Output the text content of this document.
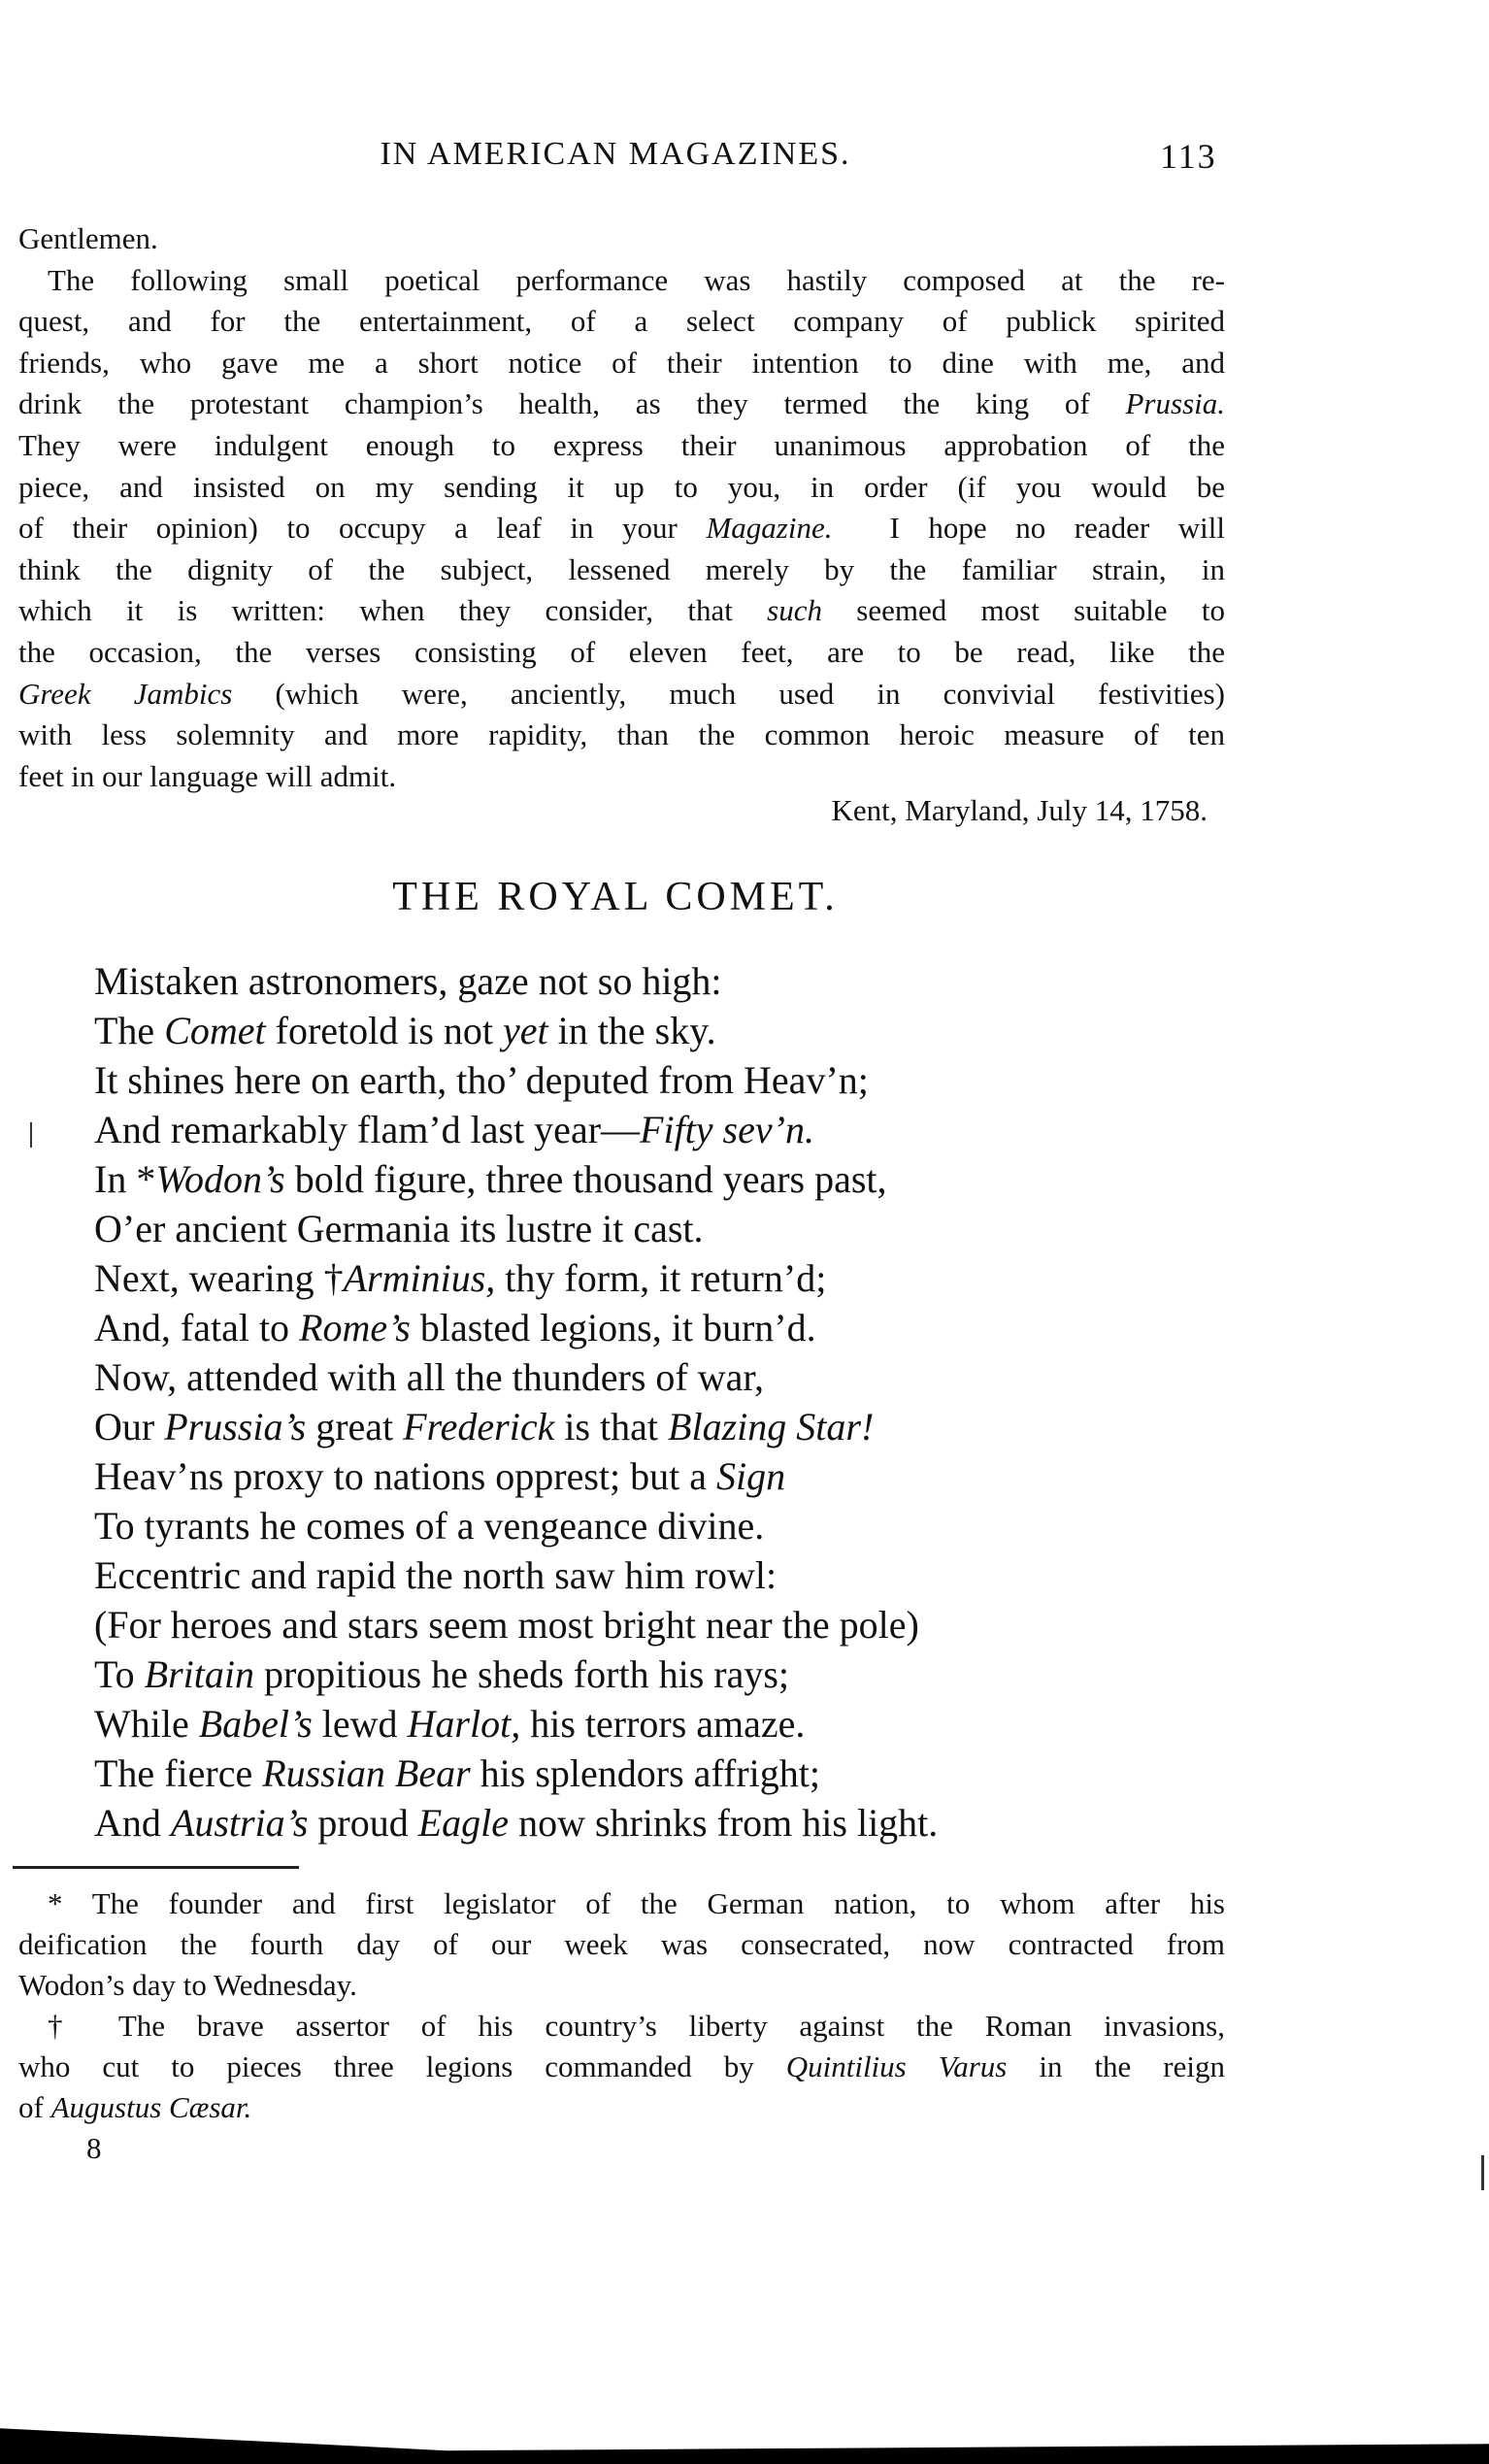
IN AMERICAN MAGAZINES.	113
Gentlemen.
The following small poetical performance was hastily composed at the re-
quest, and for the entertainment, of a select company of publick spirited
friends, who gave me a short notice of their intention to dine with me, and
drink the protestant champion’s health, as they termed the king of Prussia.
They were indulgent enough to express their unanimous approbation of the
piece, and insisted on my sending it up to you, in order (if you would be
of their opinion) to occupy a leaf in your Magazine.  I hope no reader will
think the dignity of the subject, lessened merely by the familiar strain, in
which it is written: when they consider, that such seemed most suitable to
the occasion, the verses consisting of eleven feet, are to be read, like the
Greek Jambics (which were, anciently, much used in convivial festivities)
with less solemnity and more rapidity, than the common heroic measure of ten
feet in our language will admit.
Kent, Maryland, July 14, 1758.
THE ROYAL COMET.
Mistaken astronomers, gaze not so high:
The Comet foretold is not yet in the sky.
It shines here on earth, tho’ deputed from Heav’n;
And remarkably flam’d last year—Fifty sev’n.
In *Wodon’s bold figure, three thousand years past,
O’er ancient Germania its lustre it cast.
Next, wearing †Arminius, thy form, it return’d;
And, fatal to Rome’s blasted legions, it burn’d.
Now, attended with all the thunders of war,
Our Prussia’s great Frederick is that Blazing Star!
Heav’ns proxy to nations opprest; but a Sign
To tyrants he comes of a vengeance divine.
Eccentric and rapid the north saw him rowl:
(For heroes and stars seem most bright near the pole)
To Britain propitious he sheds forth his rays;
While Babel’s lewd Harlot, his terrors amaze.
The fierce Russian Bear his splendors affright;
And Austria’s proud Eagle now shrinks from his light.
* The founder and first legislator of the German nation, to whom after his
deification the fourth day of our week was consecrated, now contracted from
Wodon’s day to Wednesday.
† The brave assertor of his country’s liberty against the Roman invasions,
who cut to pieces three legions commanded by Quintilius Varus in the reign
of Augustus Cæsar.
8
